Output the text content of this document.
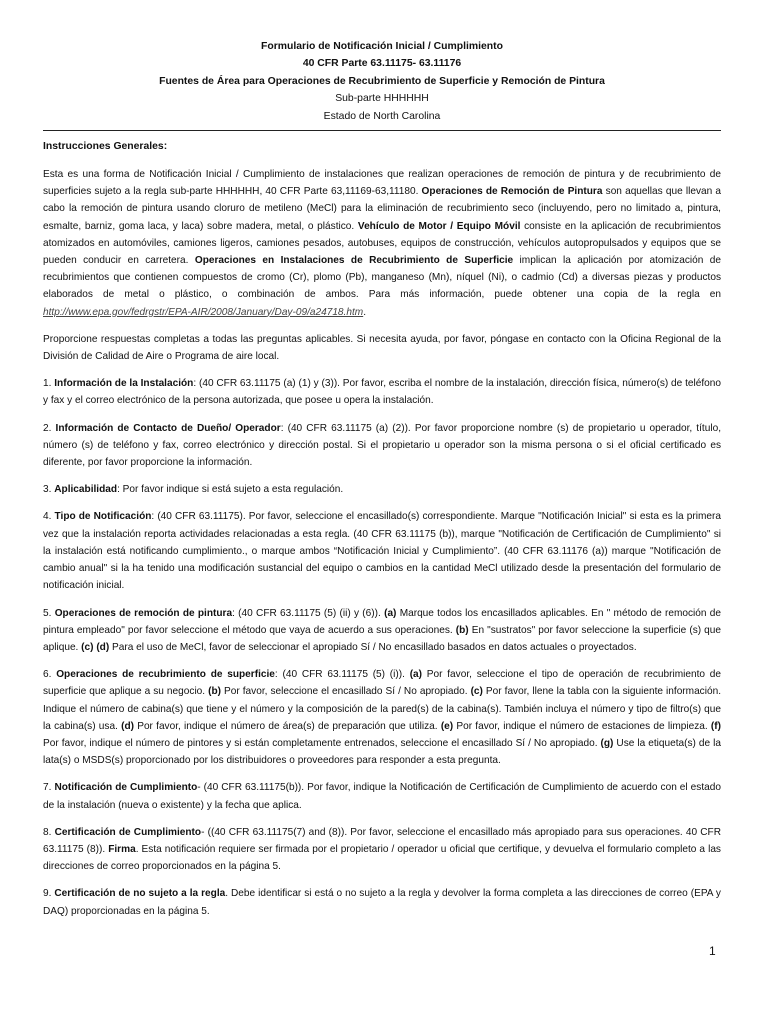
Formulario de Notificación Inicial / Cumplimiento
40 CFR Parte 63.11175- 63.11176
Fuentes de Área para Operaciones de Recubrimiento de Superficie y Remoción de Pintura
Sub-parte HHHHHH
Estado de North Carolina
Instrucciones Generales:

Esta es una forma de Notificación Inicial / Cumplimiento de instalaciones que realizan operaciones de remoción de pintura y de recubrimiento de superficies sujeto a la regla sub-parte HHHHHH, 40 CFR Parte 63,11169-63,11180. Operaciones de Remoción de Pintura son aquellas que llevan a cabo la remoción de pintura usando cloruro de metileno (MeCl) para la eliminación de recubrimiento seco (incluyendo, pero no limitado a, pintura, esmalte, barniz, goma laca, y laca) sobre madera, metal, o plástico. Vehículo de Motor / Equipo Móvil consiste en la aplicación de recubrimientos atomizados en automóviles, camiones ligeros, camiones pesados, autobuses, equipos de construcción, vehículos autopropulsados y equipos que se pueden conducir en carretera. Operaciones en Instalaciones de Recubrimiento de Superficie implican la aplicación por atomización de recubrimientos que contienen compuestos de cromo (Cr), plomo (Pb), manganeso (Mn), níquel (Ni), o cadmio (Cd) a diversas piezas y productos elaborados de metal o plástico, o combinación de ambos. Para más información, puede obtener una copia de la regla en http://www.epa.gov/fedrgstr/EPA-AIR/2008/January/Day-09/a24718.htm.

Proporcione respuestas completas a todas las preguntas aplicables. Si necesita ayuda, por favor, póngase en contacto con la Oficina Regional de la División de Calidad de Aire o Programa de aire local.

1. Información de la Instalación: (40 CFR 63.11175 (a) (1) y (3)). Por favor, escriba el nombre de la instalación, dirección física, número(s) de teléfono y fax y el correo electrónico de la persona autorizada, que posee u opera la instalación.

2. Información de Contacto de Dueño/ Operador: (40 CFR 63.11175 (a) (2)). Por favor proporcione nombre (s) de propietario u operador, título, número (s) de teléfono y fax, correo electrónico y dirección postal. Si el propietario u operador son la misma persona o si el oficial certificado es diferente, por favor proporcione la información.

3. Aplicabilidad: Por favor indique si está sujeto a esta regulación.

4. Tipo de Notificación: (40 CFR 63.11175). Por favor, seleccione el encasillado(s) correspondiente. Marque "Notificación Inicial" si esta es la primera vez que la instalación reporta actividades relacionadas a esta regla. (40 CFR 63.11175 (b)), marque "Notificación de Certificación de Cumplimiento" si la instalación está notificando cumplimiento., o marque ambos “Notificación Inicial y Cumplimiento”. (40 CFR 63.11176 (a)) marque "Notificación de cambio anual" si la ha tenido una modificación sustancial del equipo o cambios en la cantidad MeCl utilizado desde la presentación del formulario de notificación inicial.

5. Operaciones de remoción de pintura: (40 CFR 63.11175 (5) (ii) y (6)). (a) Marque todos los encasillados aplicables. En " método de remoción de pintura empleado" por favor seleccione el método que vaya de acuerdo a sus operaciones. (b) En "sustratos" por favor seleccione la superficie (s) que aplique. (c) (d) Para el uso de MeCl, favor de seleccionar el apropiado Sí / No encasillado basados en datos actuales o proyectados.

6. Operaciones de recubrimiento de superficie: (40 CFR 63.11175 (5) (i)). (a) Por favor, seleccione el tipo de operación de recubrimiento de superficie que aplique a su negocio. (b) Por favor, seleccione el encasillado Sí / No apropiado. (c) Por favor, llene la tabla con la siguiente información. Indique el número de cabina(s) que tiene y el número y la composición de la pared(s) de la cabina(s). También incluya el número y tipo de filtro(s) que la cabina(s) usa. (d) Por favor, indique el número de área(s) de preparación que utiliza. (e) Por favor, indique el número de estaciones de limpieza. (f) Por favor, indique el número de pintores y si están completamente entrenados, seleccione el encasillado Sí / No apropiado. (g) Use la etiqueta(s) de la lata(s) o MSDS(s) proporcionado por los distribuidores o proveedores para responder a esta pregunta.

7. Notificación de Cumplimiento- (40 CFR 63.11175(b)). Por favor, indique la Notificación de Certificación de Cumplimiento de acuerdo con el estado de la instalación (nueva o existente) y la fecha que aplica.

8. Certificación de Cumplimiento- ((40 CFR 63.11175(7) and (8)). Por favor, seleccione el encasillado más apropiado para sus operaciones. 40 CFR 63.11175 (8)). Firma. Esta notificación requiere ser firmada por el propietario / operador u oficial que certifique, y devuelva el formulario completo a las direcciones de correo proporcionados en la página 5.

9. Certificación de no sujeto a la regla. Debe identificar si está o no sujeto a la regla y devolver la forma completa a las direcciones de correo (EPA y DAQ) proporcionadas en la página 5.

1
